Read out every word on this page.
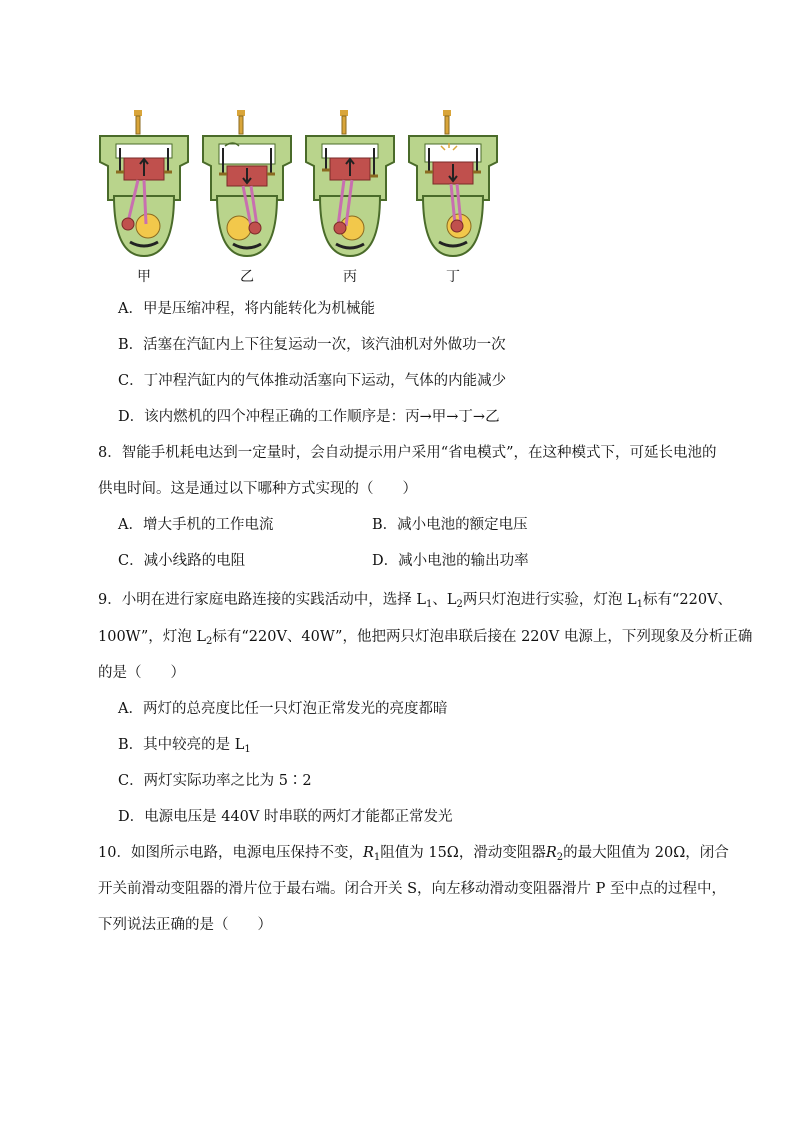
甲	乙	丙	丁
A．甲是压缩冲程，将内能转化为机械能
B．活塞在汽缸内上下往复运动一次，该汽油机对外做功一次
C．丁冲程汽缸内的气体推动活塞向下运动，气体的内能减少
D．该内燃机的四个冲程正确的工作顺序是：丙→甲→丁→乙
8．智能手机耗电达到一定量时，会自动提示用户采用“省电模式”，在这种模式下，可延长电池的
供电时间。这是通过以下哪种方式实现的（　　）
A．增大手机的工作电流	B．减小电池的额定电压
C．减小线路的电阻	D．减小电池的输出功率
9．小明在进行家庭电路连接的实践活动中，选择 $L_1$、$L_2$两只灯泡进行实验，灯泡 $L_1$标有“220V、
100W”，灯泡 $L_2$标有“220V、40W”，他把两只灯泡串联后接在 220V 电源上，下列现象及分析正确
的是（　　）
A．两灯的总亮度比任一只灯泡正常发光的亮度都暗
B．其中较亮的是 $L_1$
C．两灯实际功率之比为 5∶2
D．电源电压是 440V 时串联的两灯才能都正常发光
10．如图所示电路，电源电压保持不变，$R_1$阻值为 15Ω，滑动变阻器$R_2$的最大阻值为 20Ω，闭合
开关前滑动变阻器的滑片位于最右端。闭合开关 S，向左移动滑动变阻器滑片 P 至中点的过程中，
下列说法正确的是（　　）
